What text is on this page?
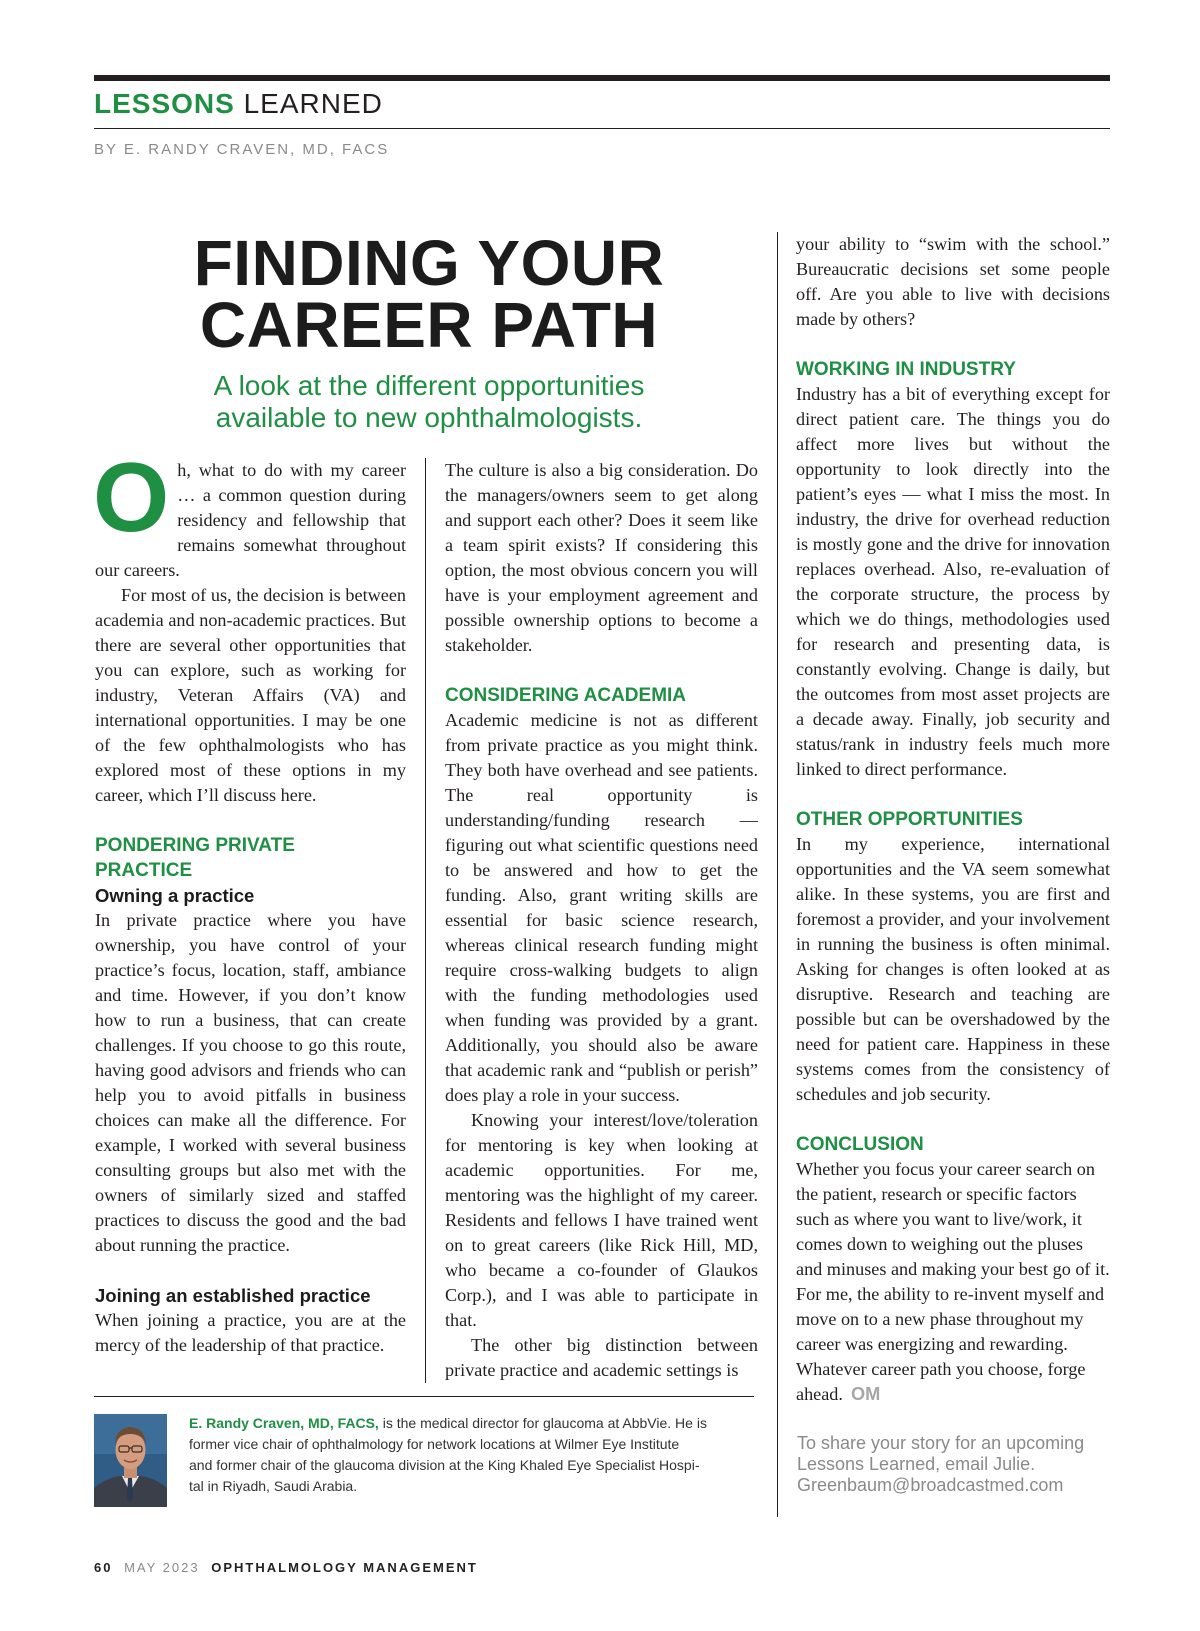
LESSONS LEARNED
BY E. RANDY CRAVEN, MD, FACS
FINDING YOUR
CAREER PATH
A look at the different opportunities
available to new ophthalmologists.

Oh, what to do with my career … a common question during residency and fellowship that remains somewhat throughout our careers.

For most of us, the decision is between academia and non-academic practices. But there are several other opportunities that you can explore, such as working for industry, Veteran Affairs (VA) and international opportunities. I may be one of the few ophthalmologists who has explored most of these options in my career, which I’ll discuss here.

PONDERING PRIVATE
PRACTICE
Owning a practice

In private practice where you have ownership, you have control of your practice’s focus, location, staff, ambiance and time. However, if you don’t know how to run a business, that can create challenges. If you choose to go this route, having good advisors and friends who can help you to avoid pitfalls in business choices can make all the difference. For example, I worked with several business consulting groups but also met with the owners of similarly sized and staffed practices to discuss the good and the bad about running the practice.

Joining an established practice

When joining a practice, you are at the mercy of the leadership of that practice.

The culture is also a big consideration. Do the managers/owners seem to get along and support each other? Does it seem like a team spirit exists? If considering this option, the most obvious concern you will have is your employment agreement and possible ownership options to become a stakeholder.

CONSIDERING ACADEMIA

Academic medicine is not as different from private practice as you might think. They both have overhead and see patients. The real opportunity is understanding/funding research — figuring out what scientific questions need to be answered and how to get the funding. Also, grant writing skills are essential for basic science research, whereas clinical research funding might require cross-walking budgets to align with the funding methodologies used when funding was provided by a grant. Additionally, you should also be aware that academic rank and “publish or perish” does play a role in your success.

Knowing your interest/love/toleration for mentoring is key when looking at academic opportunities. For me, mentoring was the highlight of my career. Residents and fellows I have trained went on to great careers (like Rick Hill, MD, who became a co-founder of Glaukos Corp.), and I was able to participate in that.

The other big distinction between private practice and academic settings is

your ability to “swim with the school.” Bureaucratic decisions set some people off. Are you able to live with decisions made by others?

WORKING IN INDUSTRY

Industry has a bit of everything except for direct patient care. The things you do affect more lives but without the opportunity to look directly into the patient’s eyes — what I miss the most. In industry, the drive for overhead reduction is mostly gone and the drive for innovation replaces overhead. Also, re-evaluation of the corporate structure, the process by which we do things, methodologies used for research and presenting data, is constantly evolving. Change is daily, but the outcomes from most asset projects are a decade away. Finally, job security and status/rank in industry feels much more linked to direct performance.

OTHER OPPORTUNITIES

In my experience, international opportunities and the VA seem somewhat alike. In these systems, you are first and foremost a provider, and your involvement in running the business is often minimal. Asking for changes is often looked at as disruptive. Research and teaching are possible but can be overshadowed by the need for patient care. Happiness in these systems comes from the consistency of schedules and job security.

CONCLUSION

Whether you focus your career search on the patient, research or specific factors such as where you want to live/work, it comes down to weighing out the pluses and minuses and making your best go of it. For me, the ability to re-invent myself and move on to a new phase throughout my career was energizing and rewarding. Whatever career path you choose, forge ahead. OM

To share your story for an upcoming
Lessons Learned, email Julie.
Greenbaum@broadcastmed.com
E. Randy Craven, MD, FACS, is the medical director for glaucoma at AbbVie. He is
former vice chair of ophthalmology for network locations at Wilmer Eye Institute
and former chair of the glaucoma division at the King Khaled Eye Specialist Hospi-
tal in Riyadh, Saudi Arabia.
60 MAY 2023 OPHTHALMOLOGY MANAGEMENT
